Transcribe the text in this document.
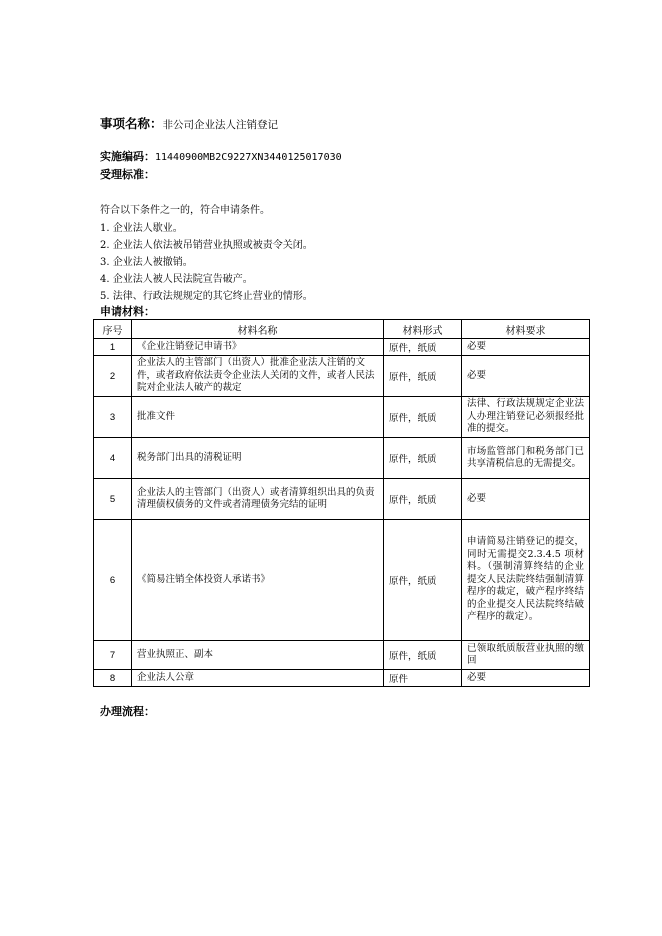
事项名称：非公司企业法人注销登记
实施编码：11440900MB2C9227XN3440125017030
受理标准：
符合以下条件之一的，符合申请条件。
1. 企业法人歇业。
2. 企业法人依法被吊销营业执照或被责令关闭。
3. 企业法人被撤销。
4. 企业法人被人民法院宣告破产。
5. 法律、行政法规规定的其它终止营业的情形。
申请材料：
序号	材料名称	材料形式	材料要求
1	《企业注销登记申请书》	原件，纸质	必要
2	企业法人的主管部门（出资人）批准企业法人注销的文件，或者政府依法责令企业法人关闭的文件，或者人民法院对企业法人破产的裁定	原件，纸质	必要
3	批准文件	原件，纸质	法律、行政法规规定企业法人办理注销登记必须报经批准的提交。
4	税务部门出具的清税证明	原件，纸质	市场监管部门和税务部门已共享清税信息的无需提交。
5	企业法人的主管部门（出资人）或者清算组织出具的负责清理债权债务的文件或者清理债务完结的证明	原件，纸质	必要
6	《简易注销全体投资人承诺书》	原件，纸质	申请简易注销登记的提交，同时无需提交2.3.4.5 项材料。（强制清算终结的企业提交人民法院终结强制清算程序的裁定，破产程序终结的企业提交人民法院终结破产程序的裁定）。
7	营业执照正、副本	原件，纸质	已领取纸质版营业执照的缴回
8	企业法人公章	原件	必要
办理流程：
